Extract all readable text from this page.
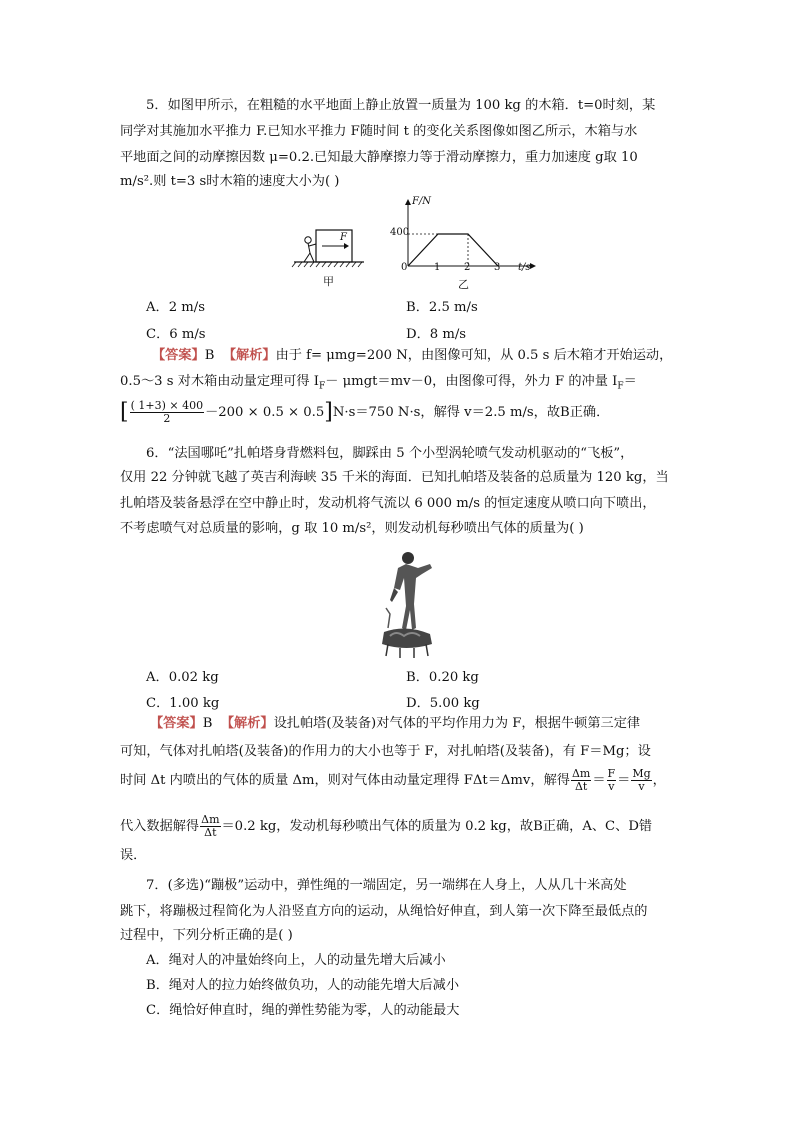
5．如图甲所示，在粗糙的水平地面上静止放置一质量为 100 kg 的木箱．t=0时刻，某
同学对其施加水平推力 F.已知水平推力 F随时间 t 的变化关系图像如图乙所示，木箱与水
平地面之间的动摩擦因数 μ=0.2.已知最大静摩擦力等于滑动摩擦力，重力加速度 g取 10
m/s².则 t=3 s时木箱的速度大小为( )
F
甲
F/N
400
0	1 2 3 t/s
乙
A．2 m/s	B．2.5 m/s
C．6 m/s	D．8 m/s
【答案】B 【解析】由于 f= μmg=200 N，由图像可知，从 0.5 s 后木箱才开始运动，
0.5～3 s 对木箱由动量定理可得 $I_F- \mu mgt=mv-0$，由图像可得，外力 F 的冲量 $I_F=$
[ $\frac{( 1+3) \times 400}{2} -200 \times 0.5 \times 0.5]N\cdot s=750$ N·s，解得 v＝2.5 m/s，故B正确．
6．“法国哪吒”扎帕塔身背燃料包，脚踩由 5 个小型涡轮喷气发动机驱动的“飞板”，
仅用 22 分钟就飞越了英吉利海峡 35 千米的海面．已知扎帕塔及装备的总质量为 120 kg，当
扎帕塔及装备悬浮在空中静止时，发动机将气流以 6 000 m/s 的恒定速度从喷口向下喷出，
不考虑喷气对总质量的影响，g 取 10 m/s²，则发动机每秒喷出气体的质量为( )
A．0.02 kg	B．0.20 kg
C．1.00 kg	D．5.00 kg
【答案】B 【解析】设扎帕塔(及装备)对气体的平均作用力为 F，根据牛顿第三定律
可知，气体对扎帕塔(及装备)的作用力的大小也等于 F，对扎帕塔(及装备)，有 F＝Mg；设
时间 Δt 内喷出的气体的质量 Δm，则对气体由动量定理得 FΔt＝Δmv，解得 $\frac{\Delta m}{\Delta t} = \frac{F}{v} = \frac{Mg}{v}$ ，
代入数据解得 $\frac{\Delta m}{\Delta t} =0.2$ kg，发动机每秒喷出气体的质量为 0.2 kg，故B正确，A、C、D错
误．
7．(多选)“蹦极”运动中，弹性绳的一端固定，另一端绑在人身上，人从几十米高处
跳下，将蹦极过程简化为人沿竖直方向的运动，从绳恰好伸直，到人第一次下降至最低点的
过程中，下列分析正确的是( )
A．绳对人的冲量始终向上，人的动量先增大后减小
B．绳对人的拉力始终做负功，人的动能先增大后减小
C．绳恰好伸直时，绳的弹性势能为零，人的动能最大
